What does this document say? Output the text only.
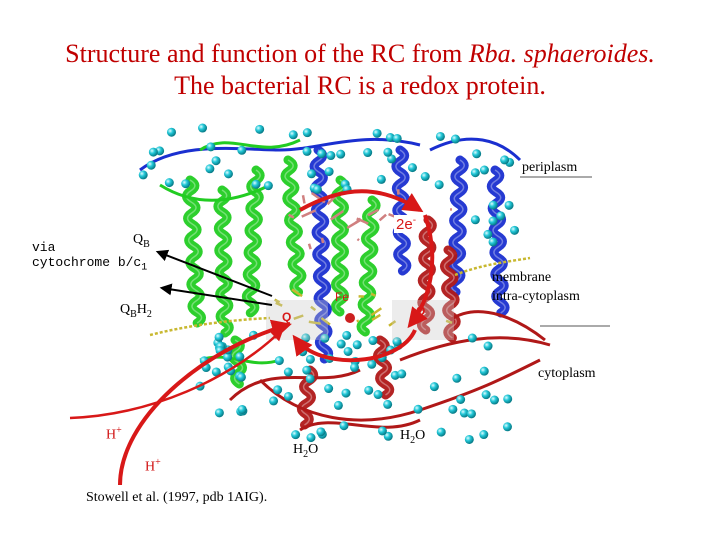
Structure and function of the RC from Rba. sphaeroides.
The bacterial RC is a redox protein.
periplasm
2e-
$Q_B$
via
cytochrome $b/c_1$
$Q_BH_2$
Fe
Q	Q
membrane
intra-cytoplasm
cytoplasm
H+
H+
$H_2O$
$H_2O$
Stowell et al. (1997, pdb 1AIG).
